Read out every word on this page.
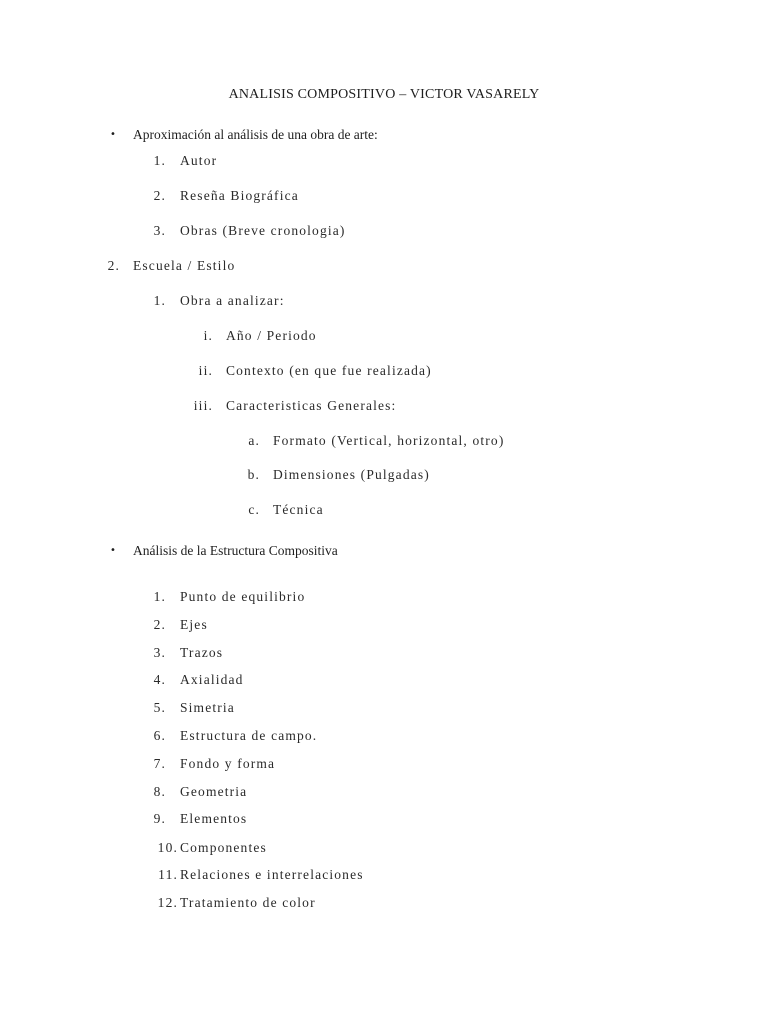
ANALISIS COMPOSITIVO – VICTOR VASARELY
• Aproximación al análisis de una obra de arte:
1. Autor
2. Reseña Biográfica
3. Obras (Breve cronologia)
2. Escuela / Estilo
1. Obra a analizar:
i. Año / Periodo
ii. Contexto (en que fue realizada)
iii. Caracteristicas Generales:
a. Formato (Vertical, horizontal, otro)
b. Dimensiones (Pulgadas)
c. Técnica
• Análisis de la Estructura Compositiva
1. Punto de equilibrio
2. Ejes
3. Trazos
4. Axialidad
5. Simetria
6. Estructura de campo.
7. Fondo y forma
8. Geometria
9. Elementos
10. Componentes
11. Relaciones e interrelaciones
12. Tratamiento de color
